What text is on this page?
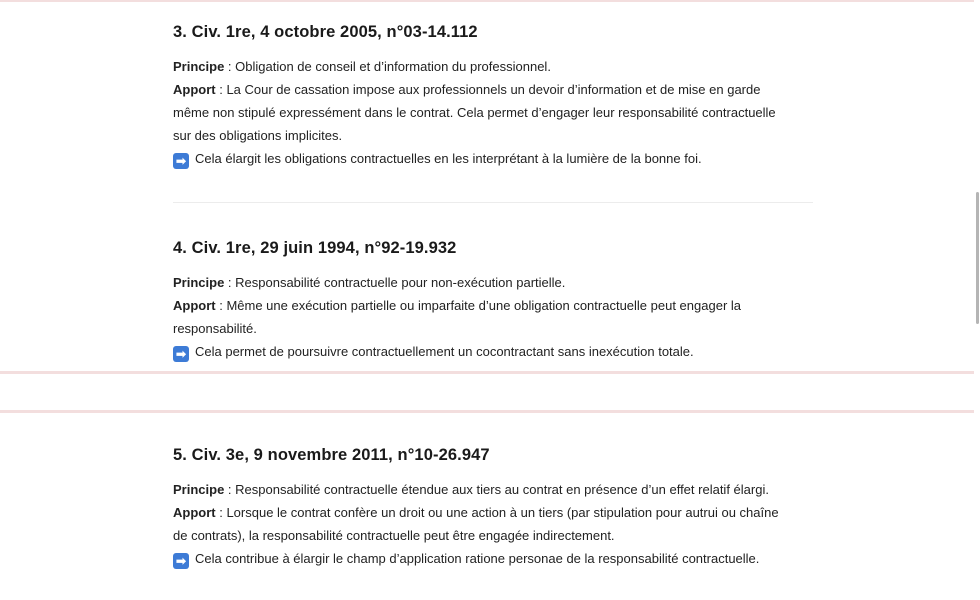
3. Civ. 1re, 4 octobre 2005, n°03-14.112

Principe : Obligation de conseil et d’information du professionnel.

Apport : La Cour de cassation impose aux professionnels un devoir d’information et de mise en garde

même non stipulé expressément dans le contrat. Cela permet d’engager leur responsabilité contractuelle

sur des obligations implicites.

➡ Cela élargit les obligations contractuelles en les interprétant à la lumière de la bonne foi.

4. Civ. 1re, 29 juin 1994, n°92-19.932

Principe : Responsabilité contractuelle pour non-exécution partielle.

Apport : Même une exécution partielle ou imparfaite d’une obligation contractuelle peut engager la

responsabilité.

➡ Cela permet de poursuivre contractuellement un cocontractant sans inexécution totale.

5. Civ. 3e, 9 novembre 2011, n°10-26.947

Principe : Responsabilité contractuelle étendue aux tiers au contrat en présence d’un effet relatif élargi.

Apport : Lorsque le contrat confère un droit ou une action à un tiers (par stipulation pour autrui ou chaîne

de contrats), la responsabilité contractuelle peut être engagée indirectement.

➡ Cela contribue à élargir le champ d’application ratione personae de la responsabilité contractuelle.
